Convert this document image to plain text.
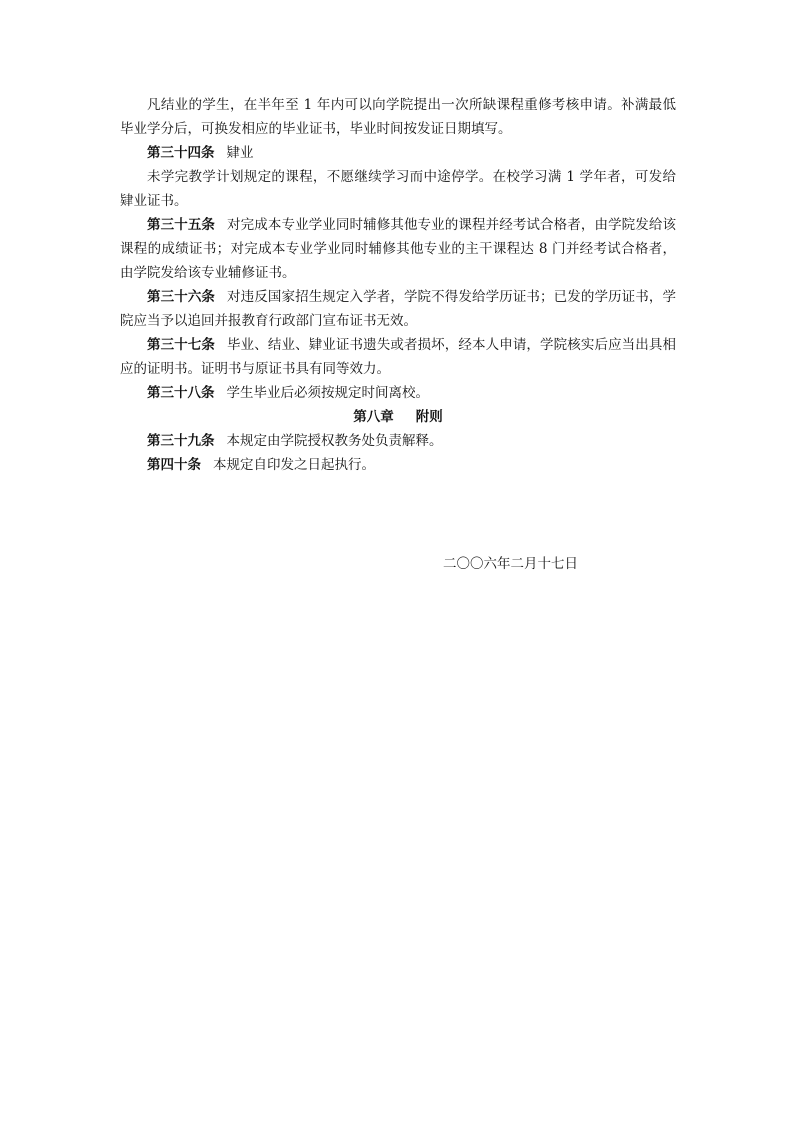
凡结业的学生，在半年至 1 年内可以向学院提出一次所缺课程重修考核申请。补满最低毕业学分后，可换发相应的毕业证书，毕业时间按发证日期填写。

第三十四条 肄业

未学完教学计划规定的课程，不愿继续学习而中途停学。在校学习满 1 学年者，可发给肄业证书。

第三十五条 对完成本专业学业同时辅修其他专业的课程并经考试合格者，由学院发给该课程的成绩证书；对完成本专业学业同时辅修其他专业的主干课程达 8 门并经考试合格者，由学院发给该专业辅修证书。

第三十六条 对违反国家招生规定入学者，学院不得发给学历证书；已发的学历证书，学院应当予以追回并报教育行政部门宣布证书无效。

第三十七条 毕业、结业、肄业证书遗失或者损坏，经本人申请，学院核实后应当出具相应的证明书。证明书与原证书具有同等效力。

第三十八条 学生毕业后必须按规定时间离校。

第八章 附则

第三十九条 本规定由学院授权教务处负责解释。

第四十条 本规定自印发之日起执行。

二〇〇六年二月十七日
